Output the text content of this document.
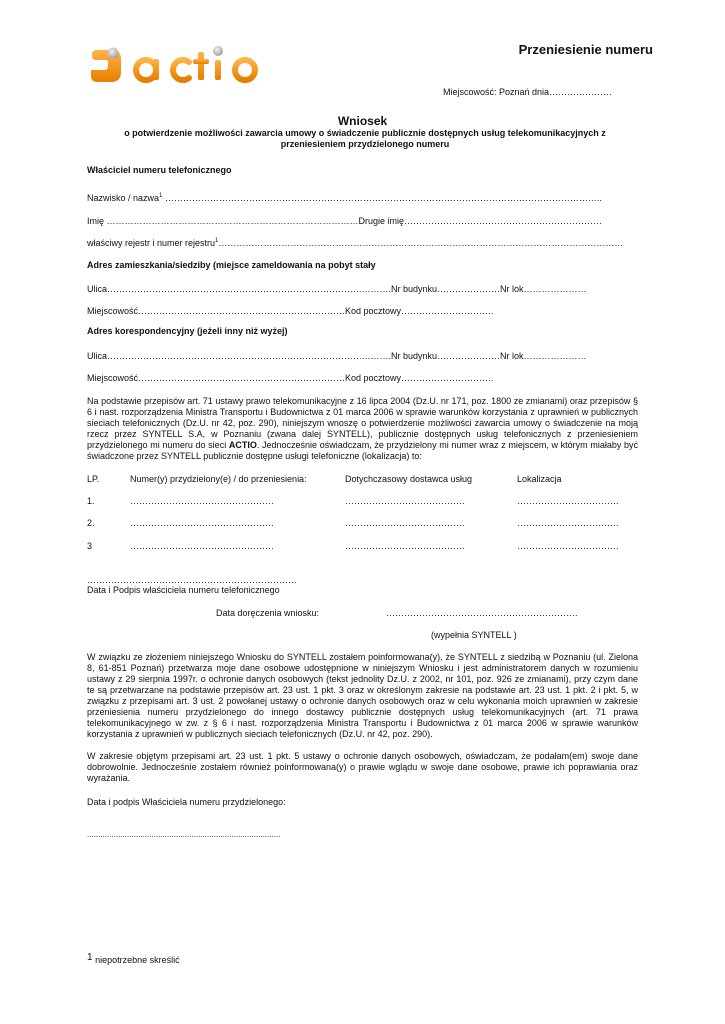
Przeniesienie numeru
Miejscowość: Poznań dnia…………………
Wniosek
o potwierdzenie możliwości zawarcia umowy o świadczenie publicznie dostępnych usług telekomunikacyjnych z przeniesieniem przydzielonego numeru
Właściciel numeru telefonicznego
Nazwisko / nazwa$^1$ ………………………………………………………………………………………………………………………………..
Imię …………………………………………………………………………Drugie imię…………………………………………………………
właściwy rejestr i numer rejestru$^1$………………………………………………………………………………………………………………………
Adres zamieszkania/siedziby (miejsce zameldowania na pobyt stały
Ulica………………………………………………………………………….……….Nr budynku…………………Nr lok…………………
Miejscowość……………………………………………………………Kod pocztowy………………………….
Adres korespondencyjny (jeżeli inny niż wyżej)
Ulica………………………………………………………………………….……….Nr budynku…………………Nr lok…………………
Miejscowość……………………………………………………………Kod pocztowy………………………….
Na podstawie przepisów art. 71 ustawy prawo telekomunikacyjne z 16 lipca 2004 (Dz.U. nr 171, poz. 1800 ze zmianami) oraz przepisów § 6 i nast. rozporządzenia Ministra Transportu i Budownictwa z 01 marca 2006 w sprawie warunków korzystania z uprawnień w publicznych sieciach telefonicznych (Dz.U. nr 42, poz. 290), niniejszym wnoszę o potwierdzenie możliwości zawarcia umowy o świadczenie na moją rzecz przez SYNTELL S.A, w Poznaniu (zwana dalej SYNTELL), publicznie dostępnych usług telefonicznych z przeniesieniem przydzielonego mi numeru do sieci ACTIO. Jednocześnie oświadczam, że przydzielony mi numer wraz z miejscem, w którym miałaby być świadczone przez SYNTELL publicznie dostępne usługi telefoniczne (lokalizacja) to:
LP.	Numer(y) przydzielony(e) / do przeniesienia:	Dotychczasowy dostawca usług	Lokalizacja
1.	…………………………………………	………………………………….	…………………………….
2.	…………………………………………	………………………………….	…………………………….
3	…………………………………………	………………………………….	…………………………….
…………………………………………………………….
Data i Podpis właściciela numeru telefonicznego
Data doręczenia wniosku:	……………………………………………………….
(wypełnia SYNTELL )
W związku ze złożeniem niniejszego Wniosku do SYNTELL zostałem poinformowana(y), że SYNTELL z siedzibą w Poznaniu (ul. Zielona 8, 61-851 Poznań) przetwarza moje dane osobowe udostępnione w niniejszym Wniosku i jest administratorem danych w rozumieniu ustawy z 29 sierpnia 1997r. o ochronie danych osobowych (tekst jednolity Dz.U. z 2002, nr 101, poz. 926 ze zmianami), przy czym dane te są przetwarzane na podstawie przepisów art. 23 ust. 1 pkt. 3 oraz w określonym zakresie na podstawie art. 23 ust. 1 pkt. 2 i pkt. 5, w związku z przepisami art. 3 ust. 2 powołanej ustawy o ochronie danych osobowych oraz w celu wykonania moich uprawnień w zakresie przeniesienia numeru przydzielonego do innego dostawcy publicznie dostępnych usług telekomunikacyjnych (art. 71 prawa telekomunikacyjnego w zw. z § 6 i nast. rozporządzenia Ministra Transportu i Budownictwa z 01 marca 2006 w sprawie warunków korzystania z uprawnień w publicznych sieciach telefonicznych (Dz.U. nr 42, poz. 290).
W zakresie objętym przepisami art. 23 ust. 1 pkt. 5 ustawy o ochronie danych osobowych, oświadczam, że podałam(em) swoje dane dobrowolnie. Jednocześnie zostałem również poinformowana(y) o prawie wglądu w swoje dane osobowe, prawie ich poprawiania oraz wyrażania.
Data i podpis Właściciela numeru przydzielonego:
.......................................................................................
1 niepotrzebne skreślić
